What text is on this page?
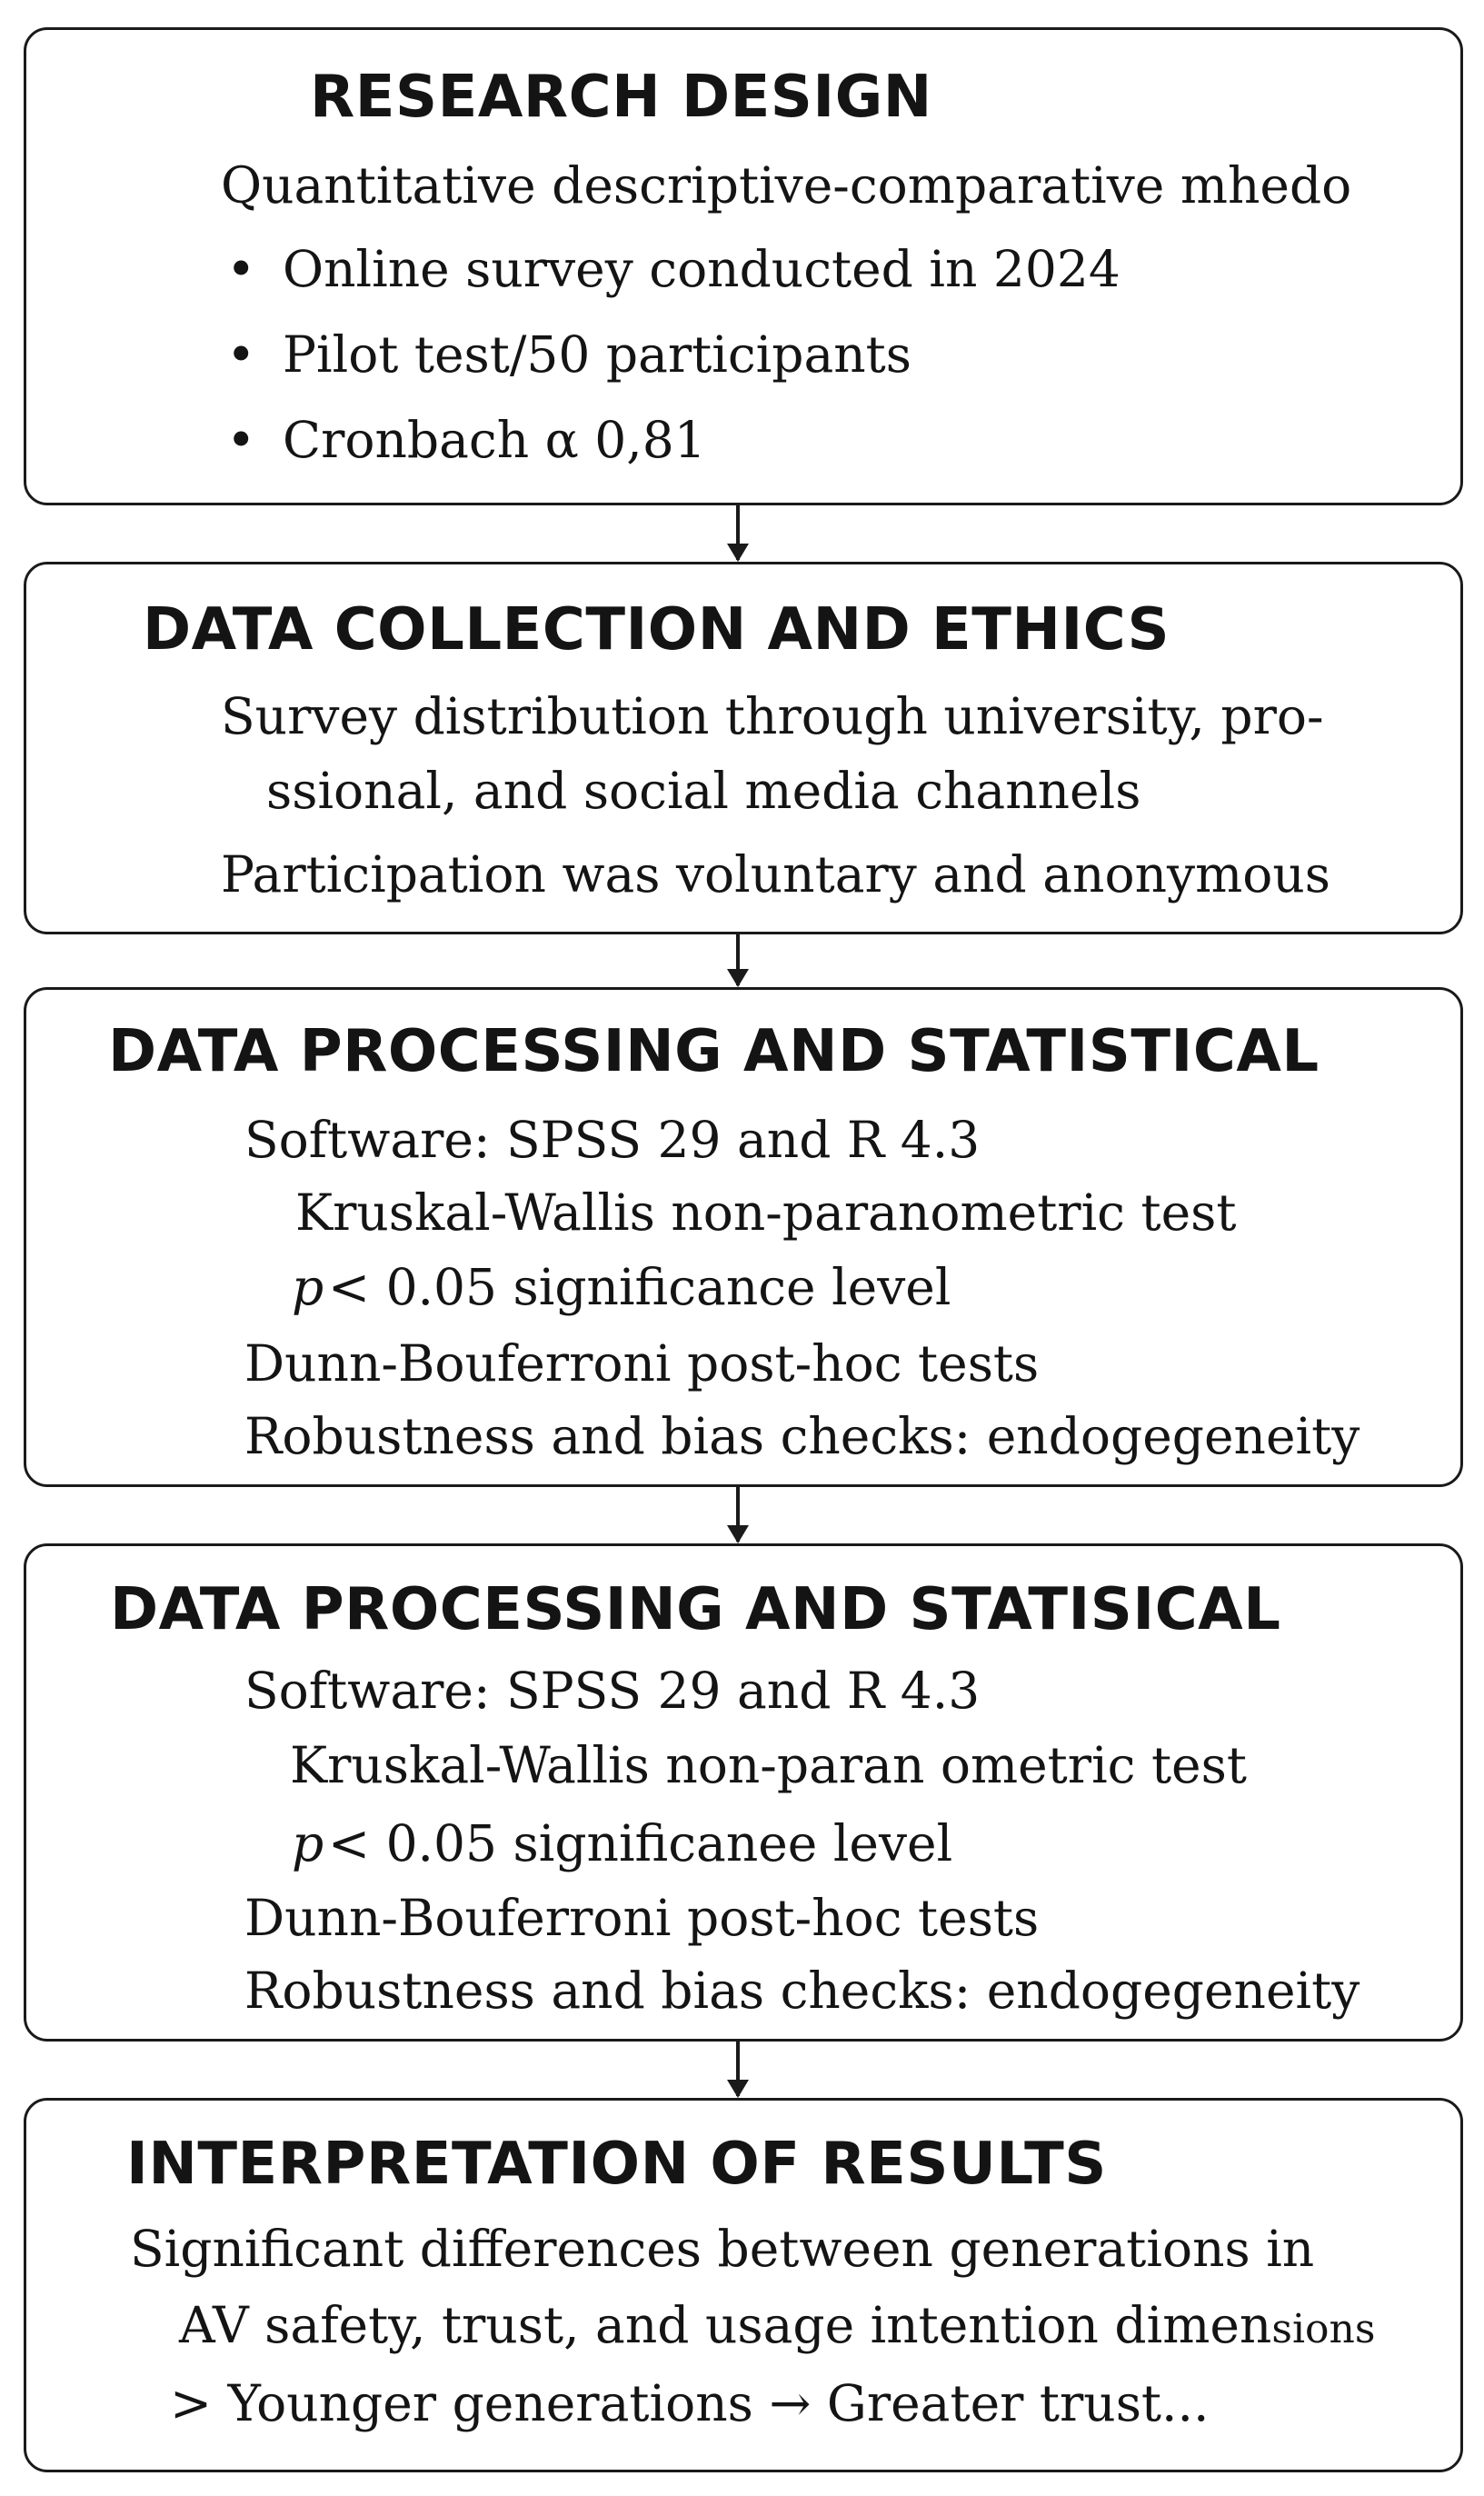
RESEARCH DESIGN
Quantitative descriptive-comparative mhedo
• Online survey conducted in 2024
• Pilot test/50 participants
• Cronbach α 0,81
DATA COLLECTION AND ETHICS
Survey distribution through university, pro-
ssional, and social media channels
Participation was voluntary and anonymous
DATA PROCESSING AND STATISTICAL
Software: SPSS 29 and R 4.3
Kruskal-Wallis non-paranometric test
p < 0.05 significance level
Dunn-Bouferroni post-hoc tests
Robustness and bias checks: endogegeneity
DATA PROCESSING AND STATISICAL
Software: SPSS 29 and R 4.3
Kruskal-Wallis non-paran ometric test
p < 0.05 significanee level
Dunn-Bouferroni post-hoc tests
Robustness and bias checks: endogegeneity
INTERPRETATION OF RESULTS
Significant differences between generations in
AV safety, trust, and usage intention dimensions
> Younger generations → Greater trust...
